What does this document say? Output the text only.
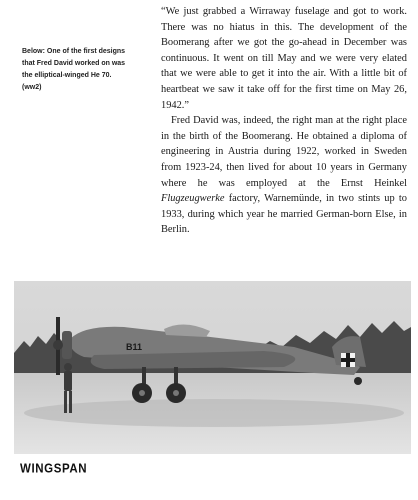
Below: One of the first designs
that Fred David worked on was
the elliptical-winged He 70.
(ww2)

“We just grabbed a Wirraway fuselage and got to work. There was no hiatus in this. The development of the Boomerang after we got the go-ahead in December was continuous. It went on till May and we were very elated that we were able to get it into the air. With a little bit of heartbeat we saw it take off for the first time on May 26, 1942.”

Fred David was, indeed, the right man at the right place in the birth of the Boomerang. He obtained a diploma of engineering in Austria during 1922, worked in Sweden from 1923-24, then lived for about 10 years in Germany where he was employed at the Ernst Heinkel Flugzeugwerke factory, Warnemünde, in two stints up to 1933, during which year he married German-born Else, in Berlin.

B11
WINGSPAN
